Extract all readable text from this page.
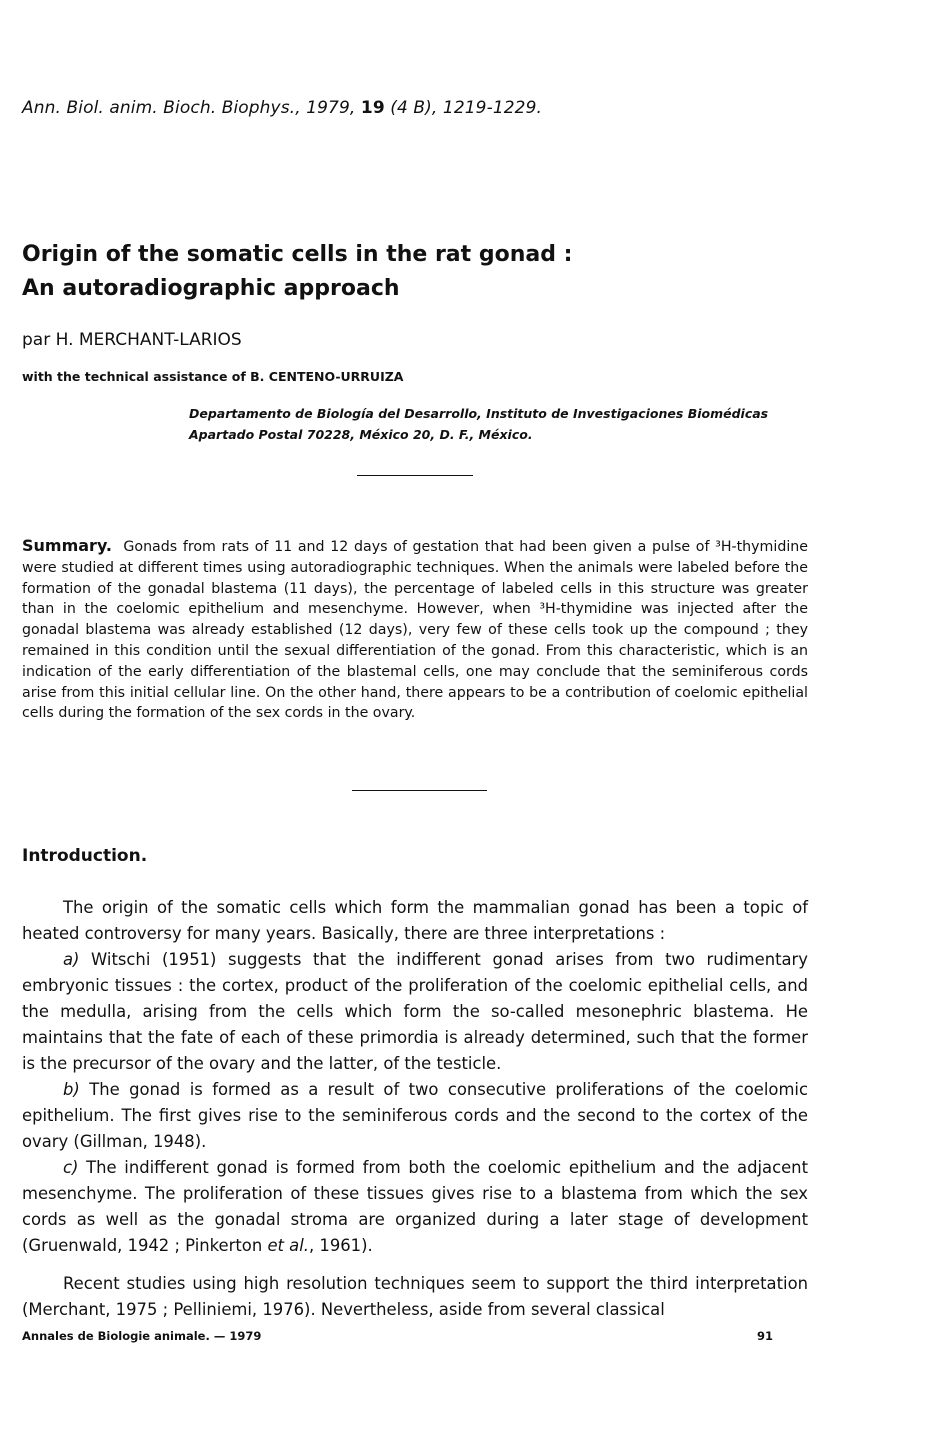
Ann. Biol. anim. Bioch. Biophys., 1979, 19 (4 B), 1219-1229.
Origin of the somatic cells in the rat gonad :
An autoradiographic approach
par H. MERCHANT-LARIOS
with the technical assistance of B. CENTENO-URRUIZA
Departamento de Biología del Desarrollo, Instituto de Investigaciones Biomédicas
Apartado Postal 70228, México 20, D. F., México.
Summary. Gonads from rats of 11 and 12 days of gestation that had been given a pulse of ³H-thymidine were studied at different times using autoradiographic techniques. When the animals were labeled before the formation of the gonadal blastema (11 days), the percentage of labeled cells in this structure was greater than in the coelomic epithelium and mesenchyme. However, when ³H-thymidine was injected after the gonadal blastema was already established (12 days), very few of these cells took up the compound ; they remained in this condition until the sexual differentiation of the gonad. From this characteristic, which is an indication of the early differentiation of the blastemal cells, one may conclude that the seminiferous cords arise from this initial cellular line. On the other hand, there appears to be a contribution of coelomic epithelial cells during the formation of the sex cords in the ovary.
Introduction.

The origin of the somatic cells which form the mammalian gonad has been a topic of heated controversy for many years. Basically, there are three interpretations :

a) Witschi (1951) suggests that the indifferent gonad arises from two rudimentary embryonic tissues : the cortex, product of the proliferation of the coelomic epithelial cells, and the medulla, arising from the cells which form the so-called mesonephric blastema. He maintains that the fate of each of these primordia is already determined, such that the former is the precursor of the ovary and the latter, of the testicle.

b) The gonad is formed as a result of two consecutive proliferations of the coelomic epithelium. The first gives rise to the seminiferous cords and the second to the cortex of the ovary (Gillman, 1948).

c) The indifferent gonad is formed from both the coelomic epithelium and the adjacent mesenchyme. The proliferation of these tissues gives rise to a blastema from which the sex cords as well as the gonadal stroma are organized during a later stage of development (Gruenwald, 1942 ; Pinkerton et al., 1961).

Recent studies using high resolution techniques seem to support the third interpretation (Merchant, 1975 ; Pelliniemi, 1976). Nevertheless, aside from several classical

Annales de Biologie animale. — 1979	91
